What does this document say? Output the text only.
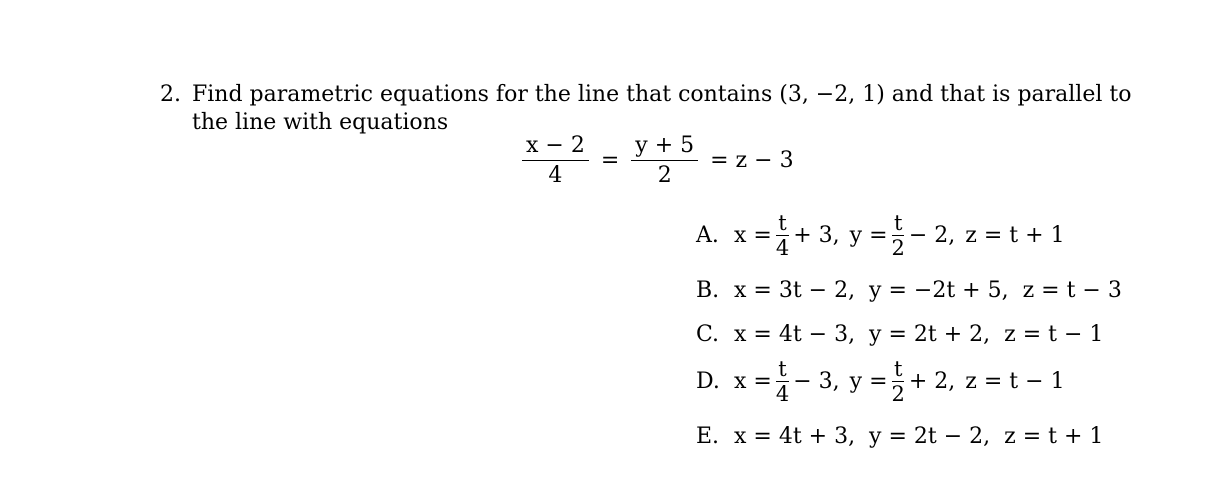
2. Find parametric equations for the line that contains (3, −2, 1) and that is parallel to
the line with equations
$\frac{x - 2}{4} = \frac{y + 5}{2} = z - 3$
A. $x = \frac{t}{4} + 3$, $y = \frac{t}{2} - 2$, z = t + 1
B. x = 3t − 2,  y = −2t + 5,  z = t − 3
C. x = 4t − 3,  y = 2t + 2,  z = t − 1
D. $x = \frac{t}{4} - 3$, $y = \frac{t}{2} + 2$, z = t − 1
E. x = 4t + 3,  y = 2t − 2,  z = t + 1
